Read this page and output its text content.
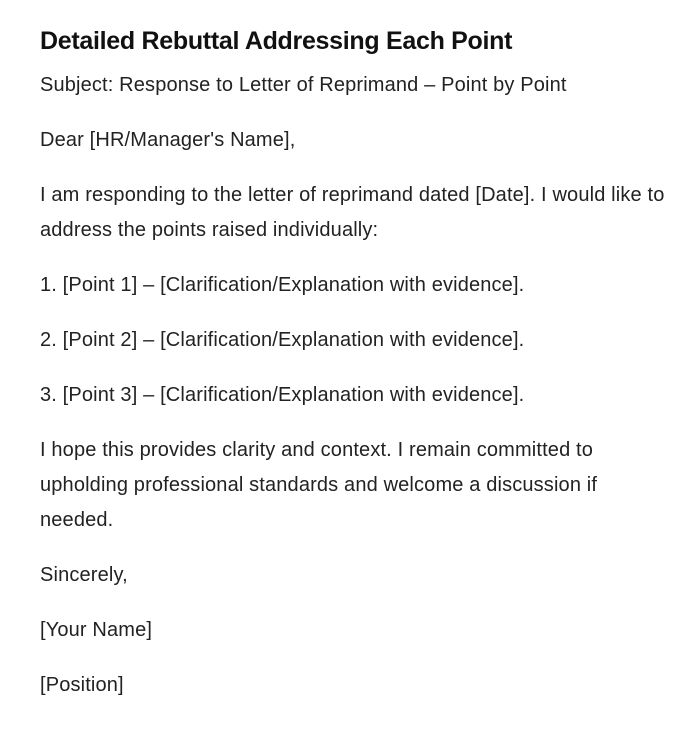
Detailed Rebuttal Addressing Each Point

Subject: Response to Letter of Reprimand – Point by Point

Dear [HR/Manager's Name],

I am responding to the letter of reprimand dated [Date]. I would like to address the points raised individually:

1. [Point 1] – [Clarification/Explanation with evidence].

2. [Point 2] – [Clarification/Explanation with evidence].

3. [Point 3] – [Clarification/Explanation with evidence].

I hope this provides clarity and context. I remain committed to upholding professional standards and welcome a discussion if needed.

Sincerely,

[Your Name]

[Position]
